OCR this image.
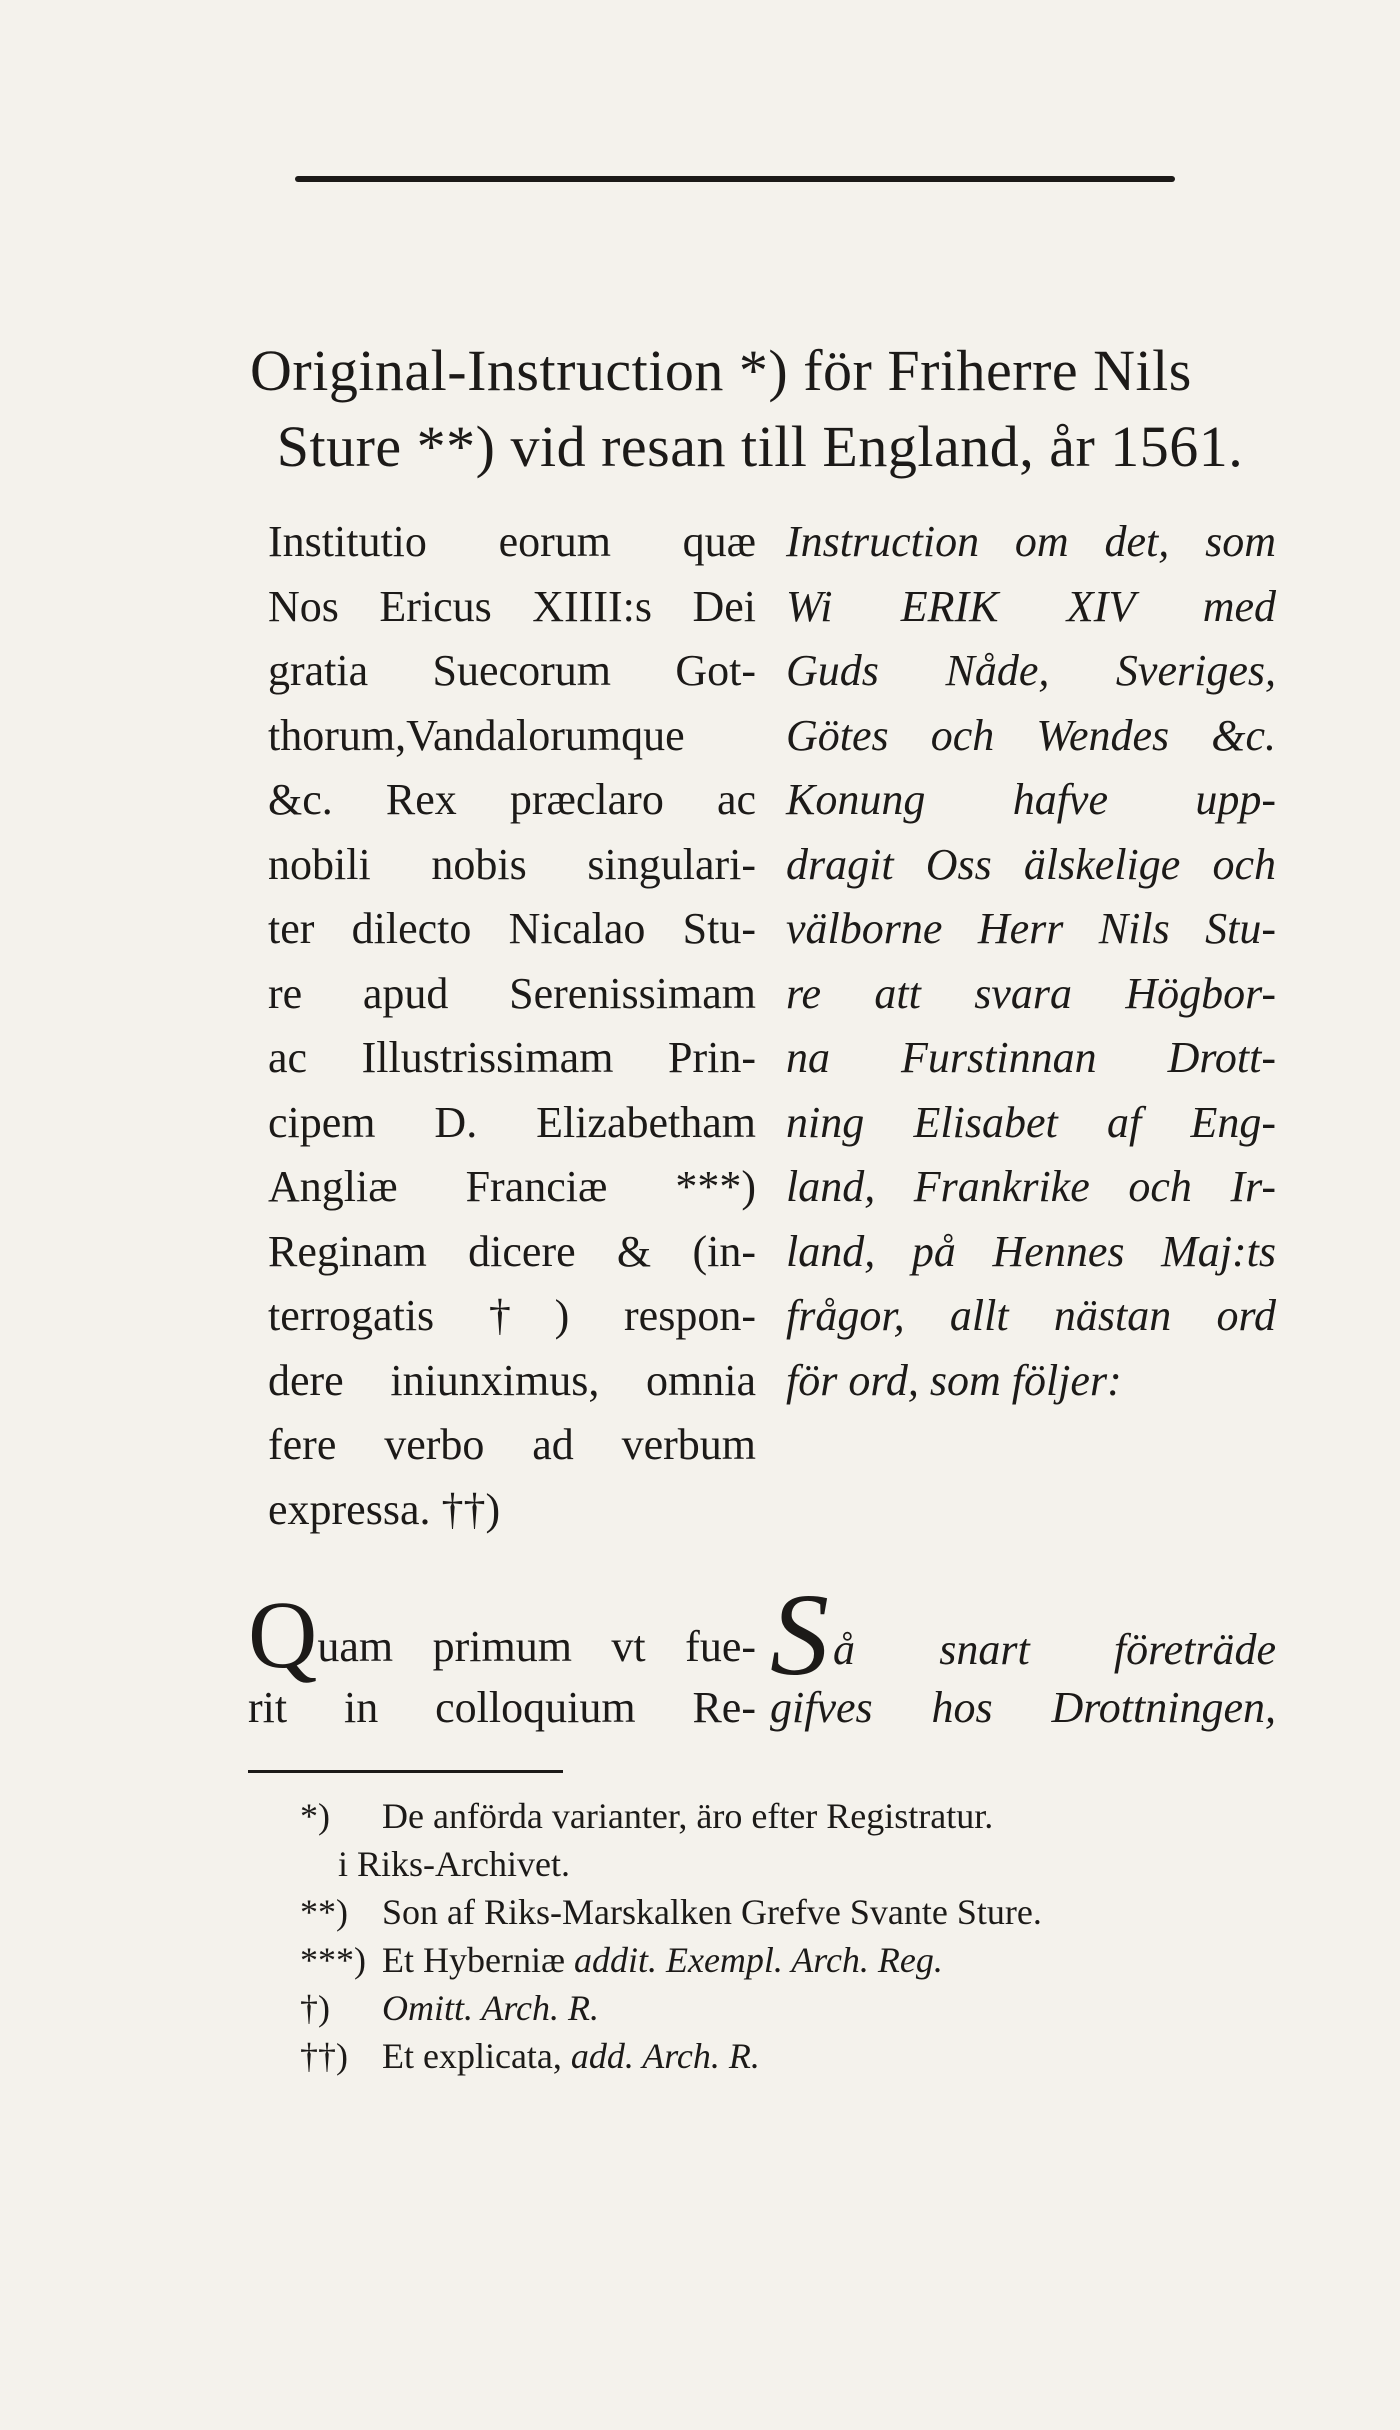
Original-Instruction *) för Friherre Nils
Sture **) vid resan till England, år 1561.
Institutio eorum quæ
Nos Ericus XIIII:s Dei
gratia Suecorum Got-
thorum,Vandalorumque
&c. Rex præclaro ac
nobili nobis singulari-
ter dilecto Nicalao Stu-
re apud Serenissimam
ac Illustrissimam Prin-
cipem D. Elizabetham
Angliæ Franciæ ***)
Reginam dicere & (in-
terrogatis †) respon-
dere iniunximus, omnia
fere verbo ad verbum
expressa. ††)
Instruction om det, som
Wi ERIK XIV med
Guds Nåde, Sveriges,
Götes och Wendes &c.
Konung hafve upp-
dragit Oss älskelige och
välborne Herr Nils Stu-
re att svara Högbor-
na Furstinnan Drott-
ning Elisabet af Eng-
land, Frankrike och Ir-
land, på Hennes Maj:ts
frågor, allt nästan ord
för ord, som följer:
Quam primum vt fue-
rit in colloquium Re-
Så snart företräde
gifves hos Drottningen,
*) De anförda varianter, äro efter Registratur.
i Riks-Archivet.
**) Son af Riks-Marskalken Grefve Svante Sture.
***) Et Hyberniæ addit. Exempl. Arch. Reg.
†) Omitt. Arch. R.
††) Et explicata, add. Arch. R.
